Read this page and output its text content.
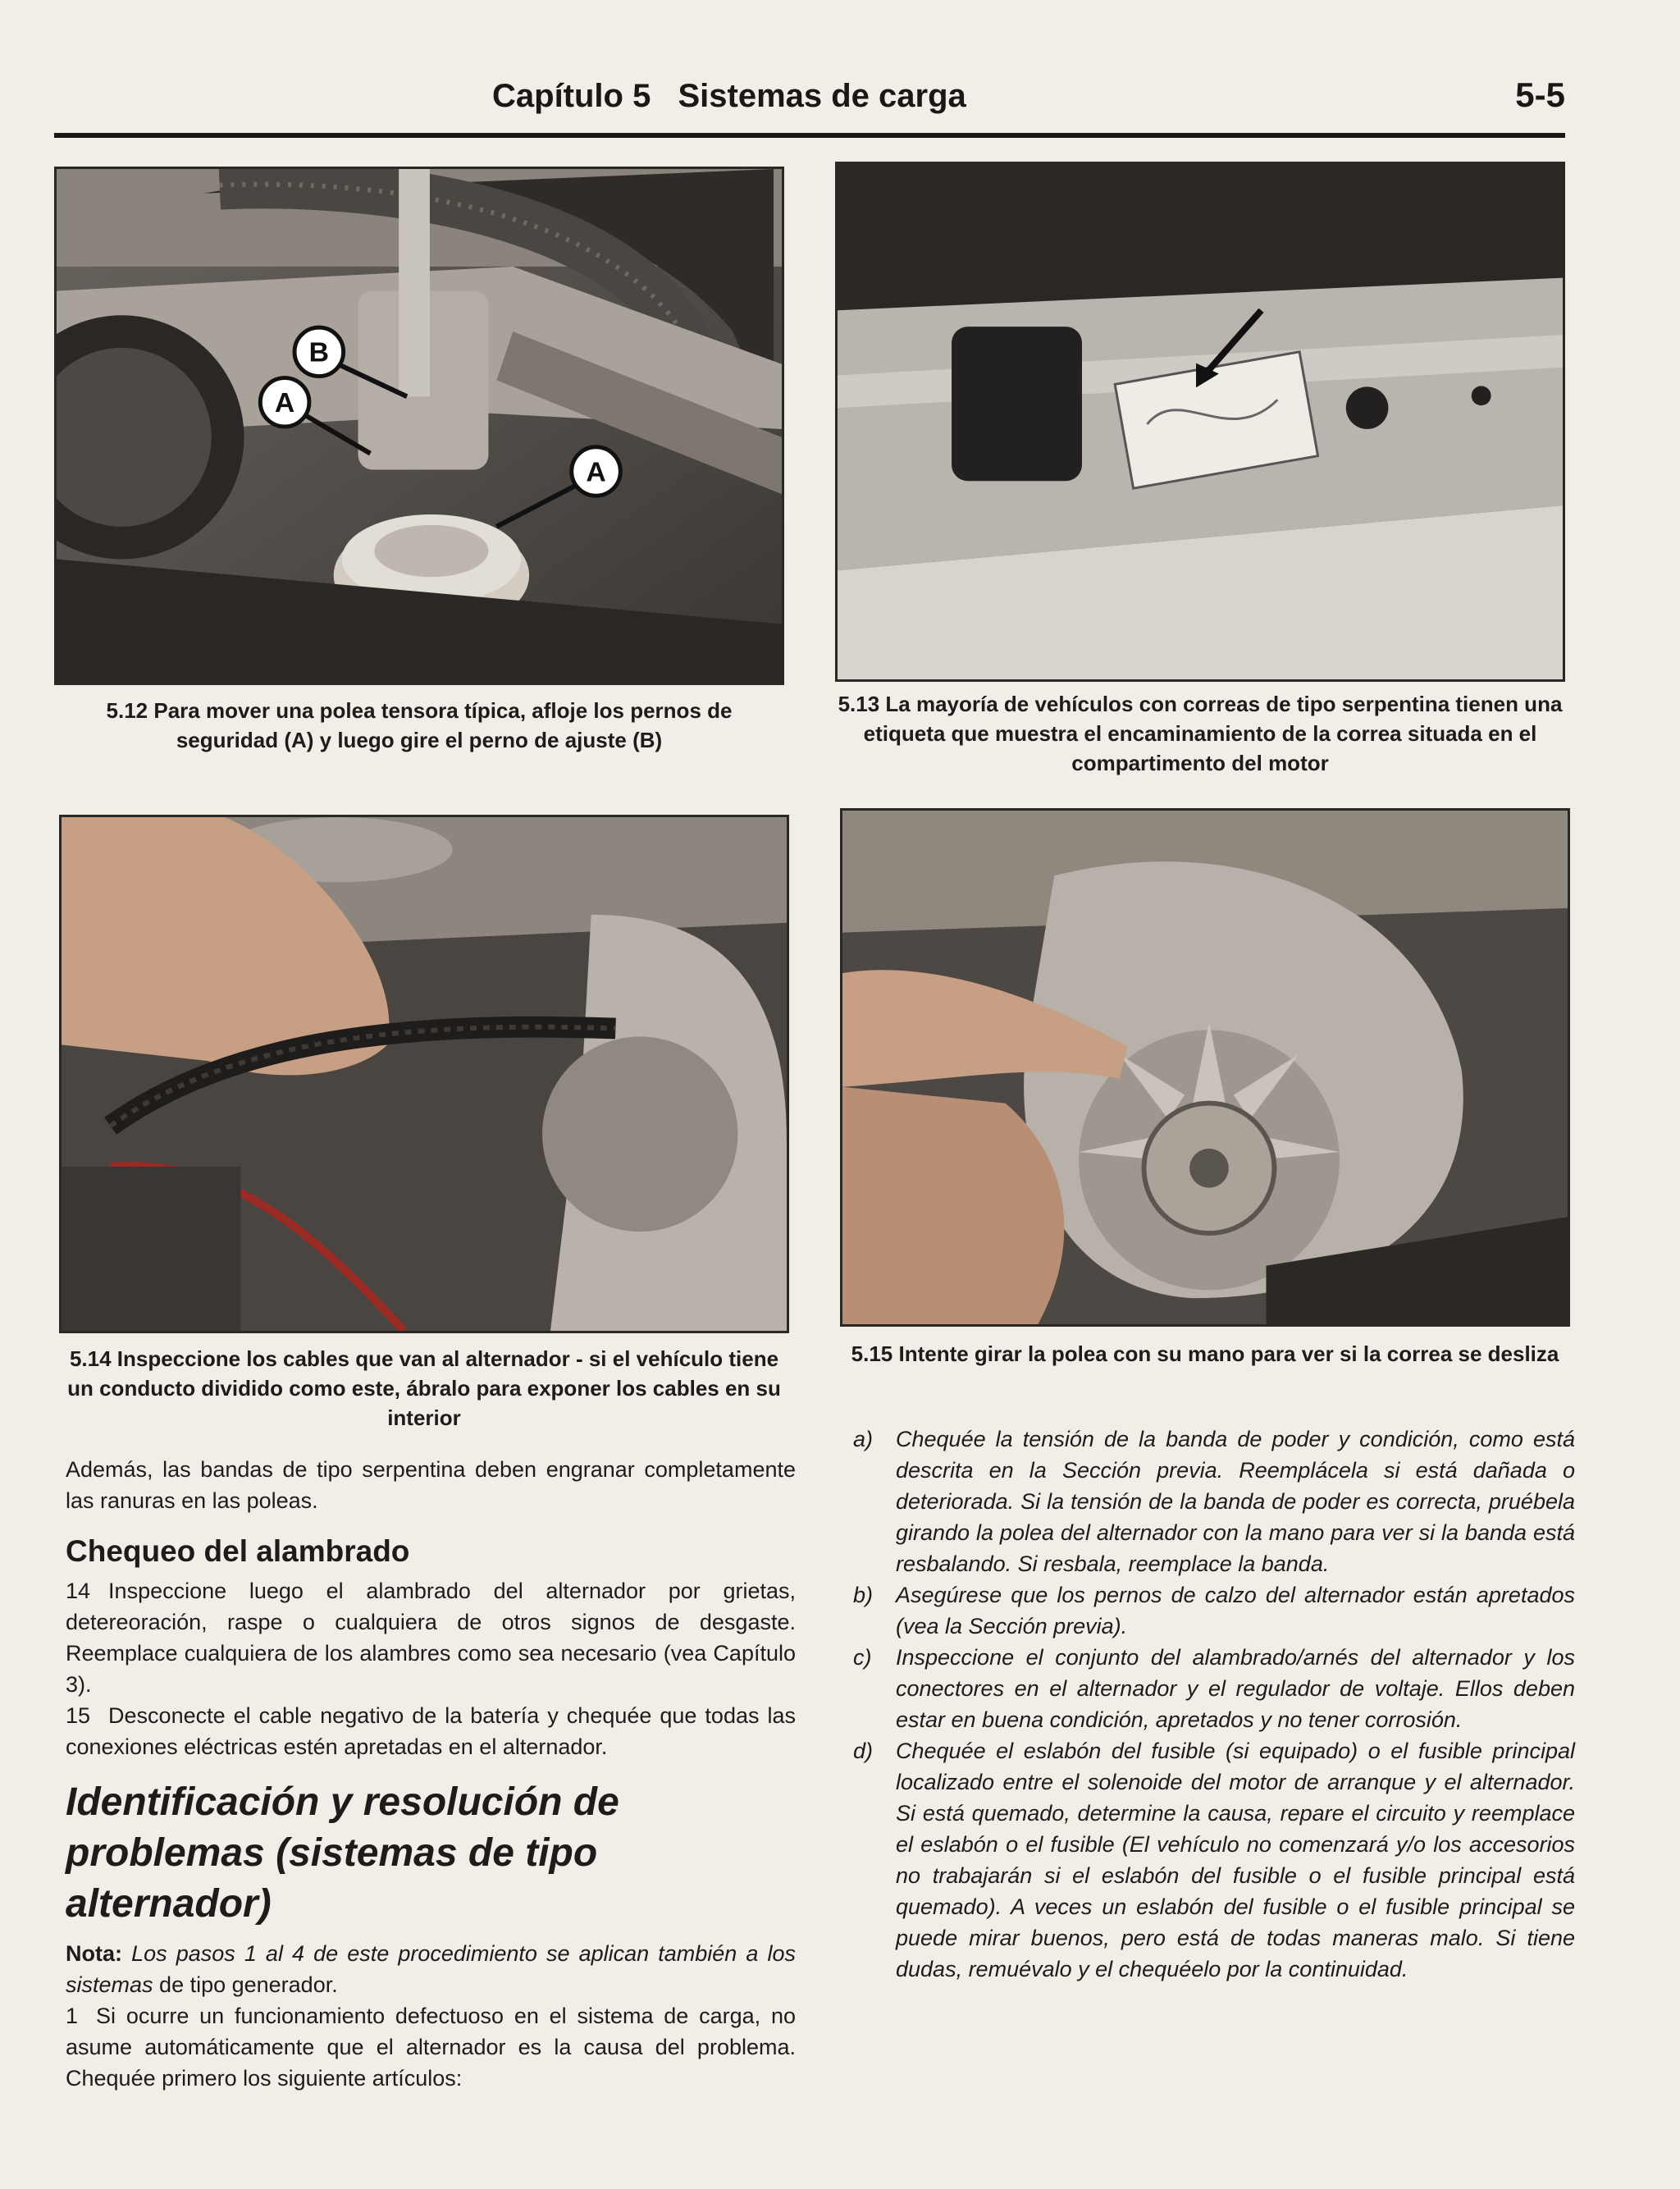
Capítulo 5 Sistemas de carga	5-5
B
A
A
5.12 Para mover una polea tensora típica, afloje los pernos de seguridad (A) y luego gire el perno de ajuste (B)
5.13 La mayoría de vehículos con correas de tipo serpentina tienen una etiqueta que muestra el encaminamiento de la correa situada en el compartimento del motor
5.14 Inspeccione los cables que van al alternador - si el vehículo tiene un conducto dividido como este, ábralo para exponer los cables en su interior
5.15 Intente girar la polea con su mano para ver si la correa se desliza

Además, las bandas de tipo serpentina deben engranar completamente las ranuras en las poleas.

Chequeo del alambrado

14 Inspeccione luego el alambrado del alternador por grietas, detereoración, raspe o cualquiera de otros signos de desgaste. Reemplace cualquiera de los alambres como sea necesario (vea Capítulo 3).

15 Desconecte el cable negativo de la batería y chequée que todas las conexiones eléctricas estén apretadas en el alternador.

Identificación y resolución de problemas (sistemas de tipo alternador)

Nota: Los pasos 1 al 4 de este procedimiento se aplican también a los sistemas de tipo generador.

1 Si ocurre un funcionamiento defectuoso en el sistema de carga, no asume automáticamente que el alternador es la causa del problema. Chequée primero los siguiente artículos:

a)	Chequée la tensión de la banda de poder y condición, como está descrita en la Sección previa. Reemplácela si está dañada o deteriorada. Si la tensión de la banda de poder es correcta, pruébela girando la polea del alternador con la mano para ver si la banda está resbalando. Si resbala, reemplace la banda.
b)	Asegúrese que los pernos de calzo del alternador están apretados (vea la Sección previa).
c)	Inspeccione el conjunto del alambrado/arnés del alternador y los conectores en el alternador y el regulador de voltaje. Ellos deben estar en buena condición, apretados y no tener corrosión.
d)	Chequée el eslabón del fusible (si equipado) o el fusible principal localizado entre el solenoide del motor de arranque y el alternador. Si está quemado, determine la causa, repare el circuito y reemplace el eslabón o el fusible (El vehículo no comenzará y/o los accesorios no trabajarán si el eslabón del fusible o el fusible principal está quemado). A veces un eslabón del fusible o el fusible principal se puede mirar buenos, pero está de todas maneras malo. Si tiene dudas, remuévalo y el chequéelo por la continuidad.
